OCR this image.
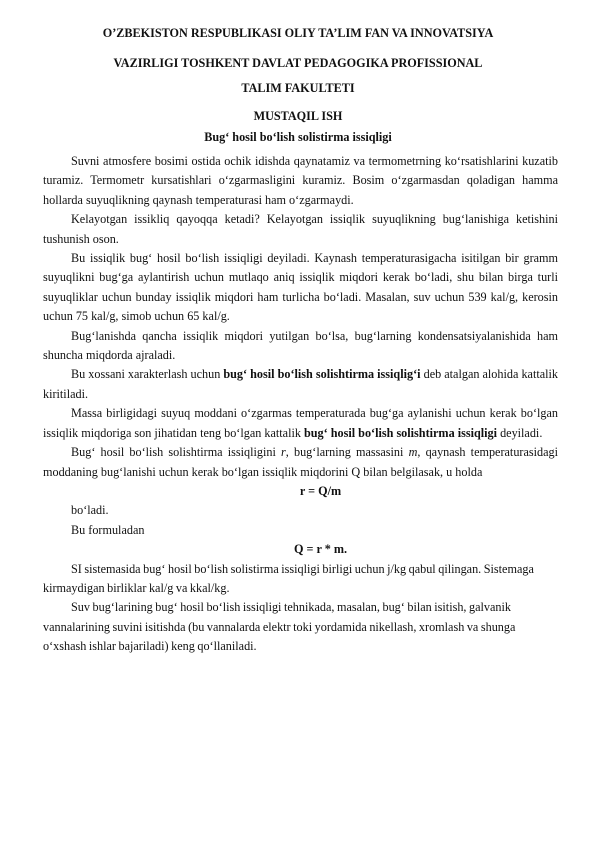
O’ZBEKISTON RESPUBLIKASI OLIY TA’LIM FAN VA INNOVATSIYA
VAZIRLIGI TOSHKENT DAVLAT PEDAGOGIKA PROFISSIONAL
TALIM FAKULTETI
MUSTAQIL ISH
Bug‘ hosil bo‘lish solistirma issiqligi

Suvni atmosfere bosimi ostida ochik idishda qaynatamiz va termometrning ko‘rsatishlarini kuzatib turamiz. Termometr kursatishlari o‘zgarmasligini kuramiz. Bosim o‘zgarmasdan qoladigan hamma hollarda suyuqlikning qaynash temperaturasi ham o‘zgarmaydi.

Kelayotgan issikliq qayoqqa ketadi? Kelayotgan issiqlik suyuqlikning bug‘lanishiga ketishini tushunish oson.

Bu issiqlik bug‘ hosil bo‘lish issiqligi deyiladi. Kaynash temperaturasigacha isitilgan bir gramm suyuqlikni bug‘ga aylantirish uchun mutlaqo aniq issiqlik miqdori kerak bo‘ladi, shu bilan birga turli suyuqliklar uchun bunday issiqlik miqdori ham turlicha bo‘ladi. Masalan, suv uchun 539 kal/g, kerosin uchun 75 kal/g, simob uchun 65 kal/g.

Bug‘lanishda qancha issiqlik miqdori yutilgan bo‘lsa, bug‘larning kondensatsiyalanishida ham shuncha miqdorda ajraladi.

Bu xossani xarakterlash uchun bug‘ hosil bo‘lish solishtirma issiqlig‘i deb atalgan alohida kattalik kiritiladi.

Massa birligidagi suyuq moddani o‘zgarmas temperaturada bug‘ga aylanishi uchun kerak bo‘lgan issiqlik miqdoriga son jihatidan teng bo‘lgan kattalik bug‘ hosil bo‘lish solishtirma issiqligi deyiladi.

Bug‘ hosil bo‘lish solishtirma issiqligini r, bug‘larning massasini m, qaynash temperaturasidagi moddaning bug‘lanishi uchun kerak bo‘lgan issiqlik miqdorini Q bilan belgilasak, u holda

r = Q/m

bo‘ladi.

Bu formuladan

Q = r * m.

SI sistemasida bug‘ hosil bo‘lish solistirma issiqligi birligi uchun j/kg qabul qilingan. Sistemaga kirmaydigan birliklar kal/g va kkal/kg.

Suv bug‘larining bug‘ hosil bo‘lish issiqligi tehnikada, masalan, bug‘ bilan isitish, galvanik vannalarining suvini isitishda (bu vannalarda elektr toki yordamida nikellash, xromlash va shunga o‘xshash ishlar bajariladi) keng qo‘llaniladi.
